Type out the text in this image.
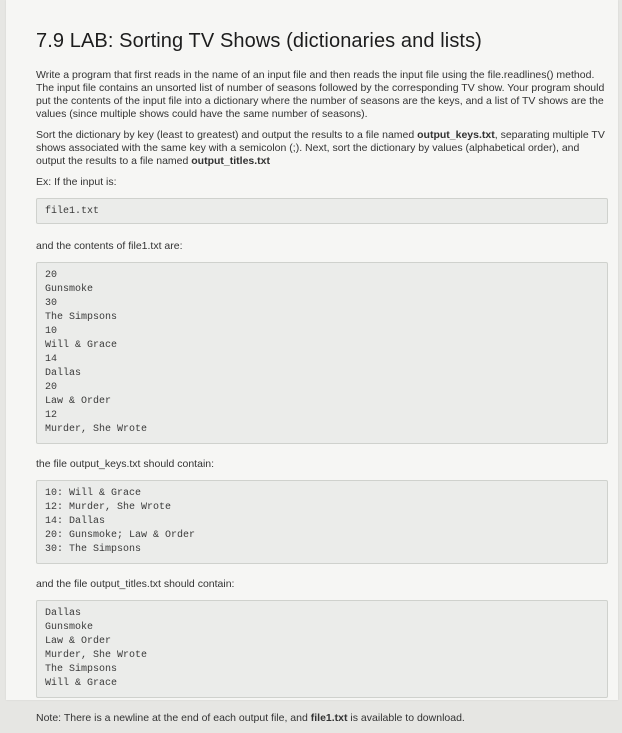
7.9 LAB: Sorting TV Shows (dictionaries and lists)

Write a program that first reads in the name of an input file and then reads the input file using the file.readlines() method. The input file contains an unsorted list of number of seasons followed by the corresponding TV show. Your program should put the contents of the input file into a dictionary where the number of seasons are the keys, and a list of TV shows are the values (since multiple shows could have the same number of seasons).

Sort the dictionary by key (least to greatest) and output the results to a file named output_keys.txt, separating multiple TV shows associated with the same key with a semicolon (;). Next, sort the dictionary by values (alphabetical order), and output the results to a file named output_titles.txt

Ex: If the input is:

file1.txt

and the contents of file1.txt are:

20
Gunsmoke
30
The Simpsons
10
Will & Grace
14
Dallas
20
Law & Order
12
Murder, She Wrote

the file output_keys.txt should contain:

10: Will & Grace
12: Murder, She Wrote
14: Dallas
20: Gunsmoke; Law & Order
30: The Simpsons

and the file output_titles.txt should contain:

Dallas
Gunsmoke
Law & Order
Murder, She Wrote
The Simpsons
Will & Grace

Note: There is a newline at the end of each output file, and file1.txt is available to download.
